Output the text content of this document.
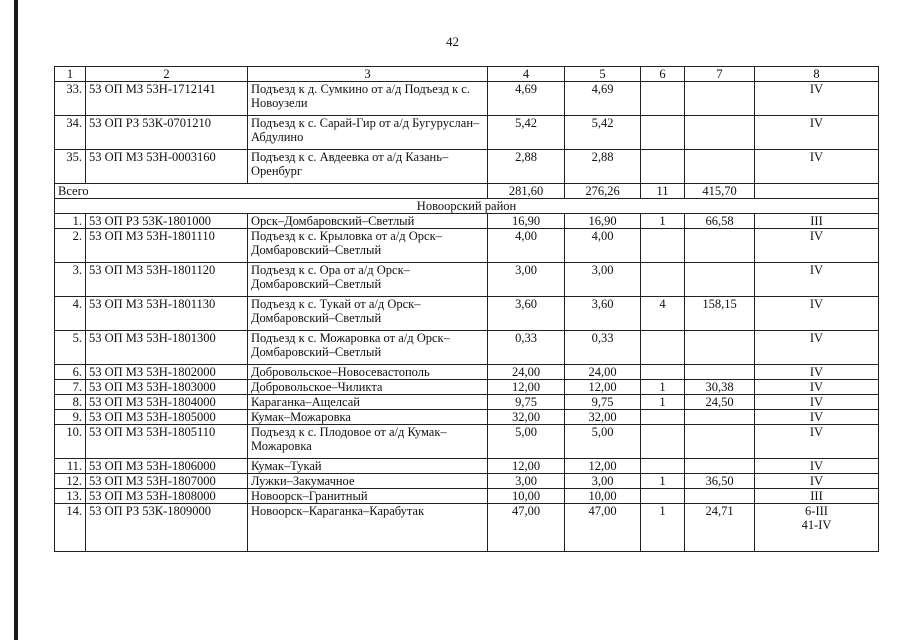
42
1	2	3	4	5	6	7	8
33.	53 ОП МЗ 53Н-1712141	Подъезд к д. Сумкино от а/д Подъезд к с. Новоузели	4,69	4,69			IV
34.	53 ОП РЗ 53К-0701210	Подъезд к с. Сарай-Гир от а/д Бугуруслан–Абдулино	5,42	5,42			IV
35.	53 ОП МЗ 53Н-0003160	Подъезд к с. Авдеевка от а/д Казань–Оренбург	2,88	2,88			IV
Всего			281,60	276,26	11	415,70	
Новоорский район							
1.	53 ОП РЗ 53К-1801000	Орск–Домбаровский–Светлый	16,90	16,90	1	66,58	III
2.	53 ОП МЗ 53Н-1801110	Подъезд к с. Крыловка от а/д Орск– Домбаровский–Светлый	4,00	4,00			IV
3.	53 ОП МЗ 53Н-1801120	Подъезд к с. Ора от а/д Орск–Домбаровский–Светлый	3,00	3,00			IV
4.	53 ОП МЗ 53Н-1801130	Подъезд к с. Тукай от а/д Орск–Домбаровский–Светлый	3,60	3,60	4	158,15	IV
5.	53 ОП МЗ 53Н-1801300	Подъезд к с. Можаровка от а/д Орск–Домбаровский–Светлый	0,33	0,33			IV
6.	53 ОП МЗ 53Н-1802000	Добровольское–Новосевастополь	24,00	24,00			IV
7.	53 ОП МЗ 53Н-1803000	Добровольское–Чиликта	12,00	12,00	1	30,38	IV
8.	53 ОП МЗ 53Н-1804000	Караганка–Ащелсай	9,75	9,75	1	24,50	IV
9.	53 ОП МЗ 53Н-1805000	Кумак–Можаровка	32,00	32,00			IV
10.	53 ОП МЗ 53Н-1805110	Подъезд к с. Плодовое от а/д Кумак–Можаровка	5,00	5,00			IV
11.	53 ОП МЗ 53Н-1806000	Кумак–Тукай	12,00	12,00			IV
12.	53 ОП МЗ 53Н-1807000	Лужки–Закумачное	3,00	3,00	1	36,50	IV
13.	53 ОП МЗ 53Н-1808000	Новоорск–Гранитный	10,00	10,00			III
14.	53 ОП РЗ 53К-1809000	Новоорск–Караганка–Карабутак	47,00	47,00	1	24,71	6-III
41-IV
